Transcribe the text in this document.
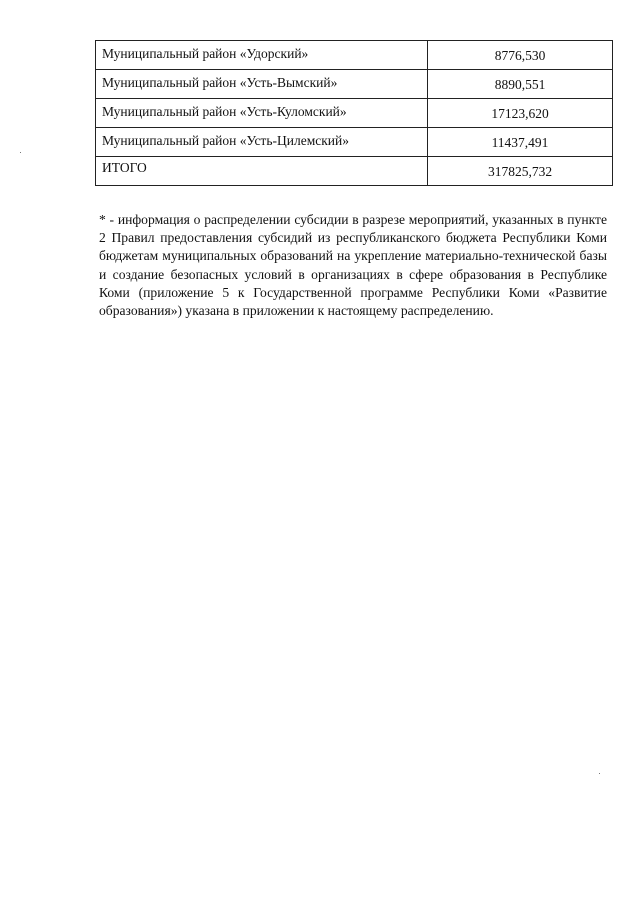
Муниципальный район «Удорский»	8776,530
Муниципальный район «Усть-Вымский»	8890,551
Муниципальный район «Усть-Куломский»	17123,620
Муниципальный район «Усть-Цилемский»	11437,491
ИТОГО	317825,732

* - информация о распределении субсидии в разрезе мероприятий, указанных в пункте 2 Правил предоставления субсидий из республиканского бюджета Республики Коми бюджетам муниципальных образований на укрепление материально-технической базы и создание безопасных условий в организациях в сфере образования в Республике Коми (приложение 5 к Государственной программе Республики Коми «Развитие образования») указана в приложении к настоящему распределению.
